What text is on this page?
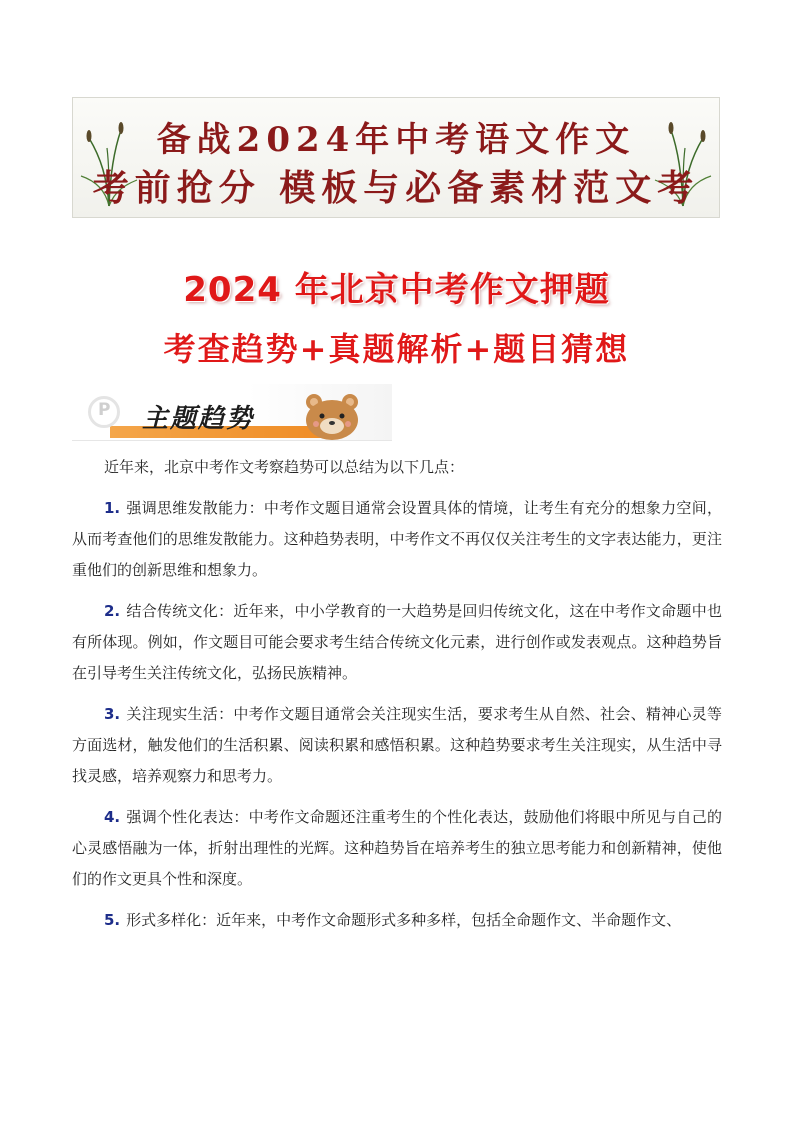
备战2024年中考语文作文
考前抢分 模板与必备素材范文考
2024 年北京中考作文押题
考查趋势+真题解析+题目猜想
P 主题趋势

近年来，北京中考作文考察趋势可以总结为以下几点：

1. 强调思维发散能力：中考作文题目通常会设置具体的情境，让考生有充分的想象力空间，从而考查他们的思维发散能力。这种趋势表明，中考作文不再仅仅关注考生的文字表达能力，更注重他们的创新思维和想象力。

2. 结合传统文化：近年来，中小学教育的一大趋势是回归传统文化，这在中考作文命题中也有所体现。例如，作文题目可能会要求考生结合传统文化元素，进行创作或发表观点。这种趋势旨在引导考生关注传统文化，弘扬民族精神。

3. 关注现实生活：中考作文题目通常会关注现实生活，要求考生从自然、社会、精神心灵等方面选材，触发他们的生活积累、阅读积累和感悟积累。这种趋势要求考生关注现实，从生活中寻找灵感，培养观察力和思考力。

4. 强调个性化表达：中考作文命题还注重考生的个性化表达，鼓励他们将眼中所见与自己的心灵感悟融为一体，折射出理性的光辉。这种趋势旨在培养考生的独立思考能力和创新精神，使他们的作文更具个性和深度。

5. 形式多样化：近年来，中考作文命题形式多种多样，包括全命题作文、半命题作文、
